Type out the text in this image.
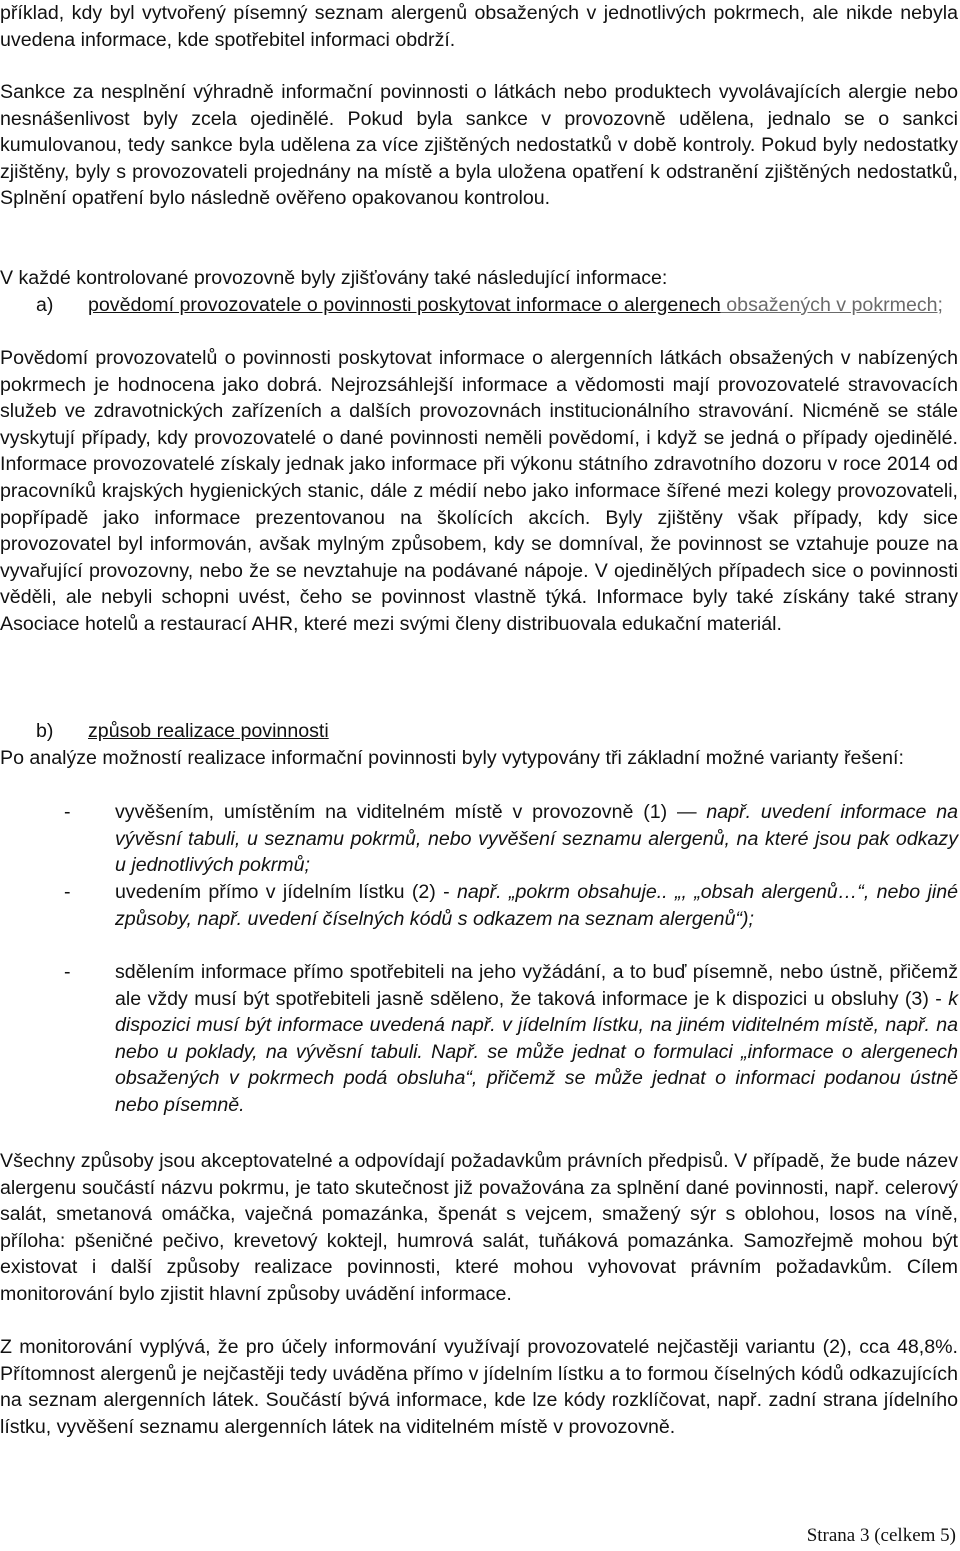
příklad, kdy byl vytvořený písemný seznam alergenů obsažených v jednotlivých pokrmech, ale nikde nebyla uvedena informace, kde spotřebitel informaci obdrží.

Sankce za nesplnění výhradně informační povinnosti o látkách nebo produktech vyvolávajících alergie nebo nesnášenlivost byly zcela ojedinělé. Pokud byla sankce v provozovně udělena, jednalo se o sankci kumulovanou, tedy sankce byla udělena za více zjištěných nedostatků v době kontroly. Pokud byly nedostatky zjištěny, byly s provozovateli projednány na místě a byla uložena opatření k odstranění zjištěných nedostatků, Splnění opatření bylo následně ověřeno opakovanou kontrolou.

V každé kontrolované provozovně byly zjišťovány také následující informace:

a) povědomí provozovatele o povinnosti poskytovat informace o alergenech obsažených v pokrmech;

Povědomí provozovatelů o povinnosti poskytovat informace o alergenních látkách obsažených v nabízených pokrmech je hodnocena jako dobrá. Nejrozsáhlejší informace a vědomosti mají provozovatelé stravovacích služeb ve zdravotnických zařízeních a dalších provozovnách institucionálního stravování. Nicméně se stále vyskytují případy, kdy provozovatelé o dané povinnosti neměli povědomí, i když se jedná o případy ojedinělé. Informace provozovatelé získaly jednak jako informace při výkonu státního zdravotního dozoru v roce 2014 od pracovníků krajských hygienických stanic, dále z médií nebo jako informace šířené mezi kolegy provozovateli, popřípadě jako informace prezentovanou na školících akcích. Byly zjištěny však případy, kdy sice provozovatel byl informován, avšak mylným způsobem, kdy se domníval, že povinnost se vztahuje pouze na vyvařující provozovny, nebo že se nevztahuje na podávané nápoje. V ojedinělých případech sice o povinnosti věděli, ale nebyli schopni uvést, čeho se povinnost vlastně týká. Informace byly také získány také strany Asociace hotelů a restaurací AHR, které mezi svými členy distribuovala edukační materiál.

b) způsob realizace povinnosti

Po analýze možností realizace informační povinnosti byly vytypovány tři základní možné varianty řešení:

- vyvěšením, umístěním na viditelném místě v provozovně (1) — např. uvedení informace na vývěsní tabuli, u seznamu pokrmů, nebo vyvěšení seznamu alergenů, na které jsou pak odkazy u jednotlivých pokrmů;
- uvedením přímo v jídelním lístku (2) - např. „pokrm obsahuje.. „, „obsah alergenů…“, nebo jiné způsoby, např. uvedení číselných kódů s odkazem na seznam alergenů“);
- sdělením informace přímo spotřebiteli na jeho vyžádání, a to buď písemně, nebo ústně, přičemž ale vždy musí být spotřebiteli jasně sděleno, že taková informace je k dispozici u obsluhy (3) - k dispozici musí být informace uvedená např. v jídelním lístku, na jiném viditelném místě, např. na nebo u poklady, na vývěsní tabuli. Např. se může jednat o formulaci „informace o alergenech obsažených v pokrmech podá obsluha“, přičemž se může jednat o informaci podanou ústně nebo písemně.

Všechny způsoby jsou akceptovatelné a odpovídají požadavkům právních předpisů. V případě, že bude název alergenu součástí názvu pokrmu, je tato skutečnost již považována za splnění dané povinnosti, např. celerový salát, smetanová omáčka, vaječná pomazánka, špenát s vejcem, smažený sýr s oblohou, losos na víně, příloha: pšeničné pečivo, krevetový koktejl, humrová salát, tuňáková pomazánka. Samozřejmě mohou být existovat i další způsoby realizace povinnosti, které mohou vyhovovat právním požadavkům. Cílem monitorování bylo zjistit hlavní způsoby uvádění informace.

Z monitorování vyplývá, že pro účely informování využívají provozovatelé nejčastěji variantu (2), cca 48,8%. Přítomnost alergenů je nejčastěji tedy uváděna přímo v jídelním lístku a to formou číselných kódů odkazujících na seznam alergenních látek. Součástí bývá informace, kde lze kódy rozklíčovat, např. zadní strana jídelního lístku, vyvěšení seznamu alergenních látek na viditelném místě v provozovně.

Strana 3 (celkem 5)
